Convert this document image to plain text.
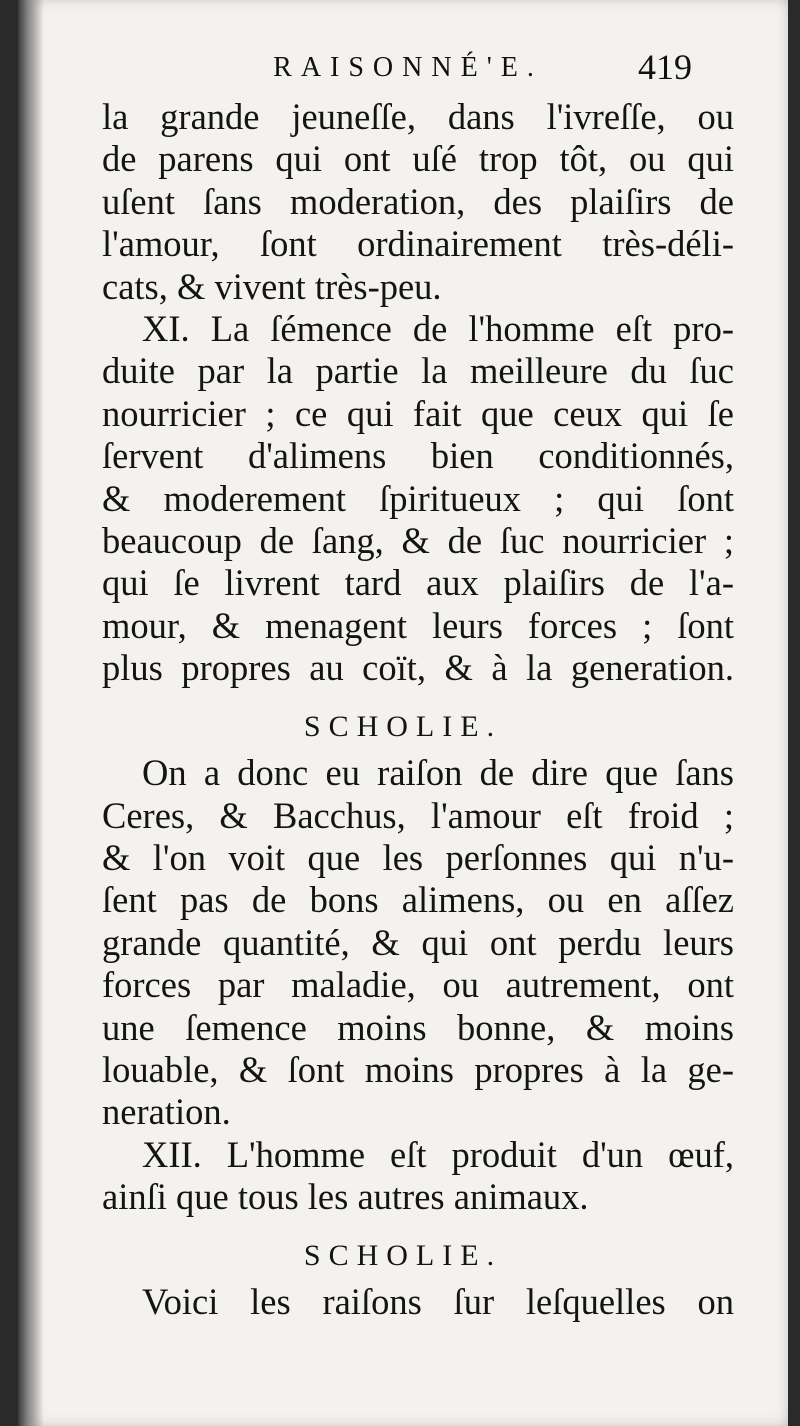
RAISONNÉ'E.	419
la grande jeuneſſe, dans l'ivreſſe, ou
de parens qui ont uſé trop tôt, ou qui
uſent ſans moderation, des plaiſirs de
l'amour, ſont ordinairement très-déli-
cats, & vivent très-peu.
XI. La ſémence de l'homme eſt pro-
duite par la partie la meilleure du ſuc
nourricier ; ce qui fait que ceux qui ſe
ſervent d'alimens bien conditionnés,
& moderement ſpiritueux ; qui ſont
beaucoup de ſang, & de ſuc nourricier ;
qui ſe livrent tard aux plaiſirs de l'a-
mour, & menagent leurs forces ; ſont
plus propres au coït, & à la generation.
SCHOLIE.
On a donc eu raiſon de dire que ſans
Ceres, & Bacchus, l'amour eſt froid ;
& l'on voit que les perſonnes qui n'u-
ſent pas de bons alimens, ou en aſſez
grande quantité, & qui ont perdu leurs
forces par maladie, ou autrement, ont
une ſemence moins bonne, & moins
louable, & ſont moins propres à la ge-
neration.
XII. L'homme eſt produit d'un œuf,
ainſi que tous les autres animaux.
SCHOLIE.
Voici les raiſons ſur leſquelles on
